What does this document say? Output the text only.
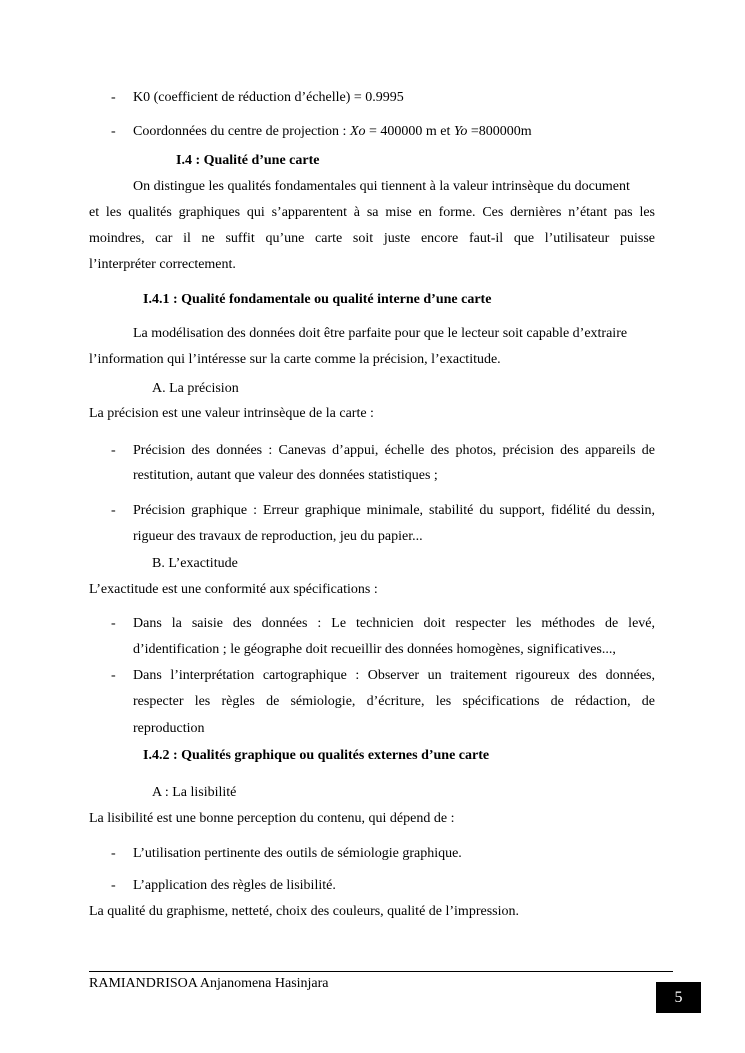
- K0 (coefficient de réduction d’échelle) = 0.9995
- Coordonnées du centre de projection : Xo = 400000 m et Yo =800000m
I.4 : Qualité d’une carte
On distingue les qualités fondamentales qui tiennent à la valeur intrinsèque du document
et les qualités graphiques qui s’apparentent à sa mise en forme. Ces dernières n’étant pas les
moindres, car il ne suffit qu’une carte soit juste encore faut-il que l’utilisateur puisse
l’interpréter correctement.
I.4.1 : Qualité fondamentale ou qualité interne d’une carte
La modélisation des données doit être parfaite pour que le lecteur soit capable d’extraire
l’information qui l’intéresse sur la carte comme la précision, l’exactitude.
A. La précision
La précision est une valeur intrinsèque de la carte :
- Précision des données : Canevas d’appui, échelle des photos, précision des appareils de
restitution, autant que valeur des données statistiques ;
- Précision graphique : Erreur graphique minimale, stabilité du support, fidélité du dessin,
rigueur des travaux de reproduction, jeu du papier...
B. L’exactitude
L’exactitude est une conformité aux spécifications :
- Dans la saisie des données : Le technicien doit respecter les méthodes de levé,
d’identification ; le géographe doit recueillir des données homogènes, significatives...,
- Dans l’interprétation cartographique : Observer un traitement rigoureux des données,
respecter les règles de sémiologie, d’écriture, les spécifications de rédaction, de
reproduction
I.4.2 : Qualités graphique ou qualités externes d’une carte
A : La lisibilité
La lisibilité est une bonne perception du contenu, qui dépend de :
- L’utilisation pertinente des outils de sémiologie graphique.
- L’application des règles de lisibilité.
La qualité du graphisme, netteté, choix des couleurs, qualité de l’impression.
RAMIANDRISOA Anjanomena Hasinjara
5
